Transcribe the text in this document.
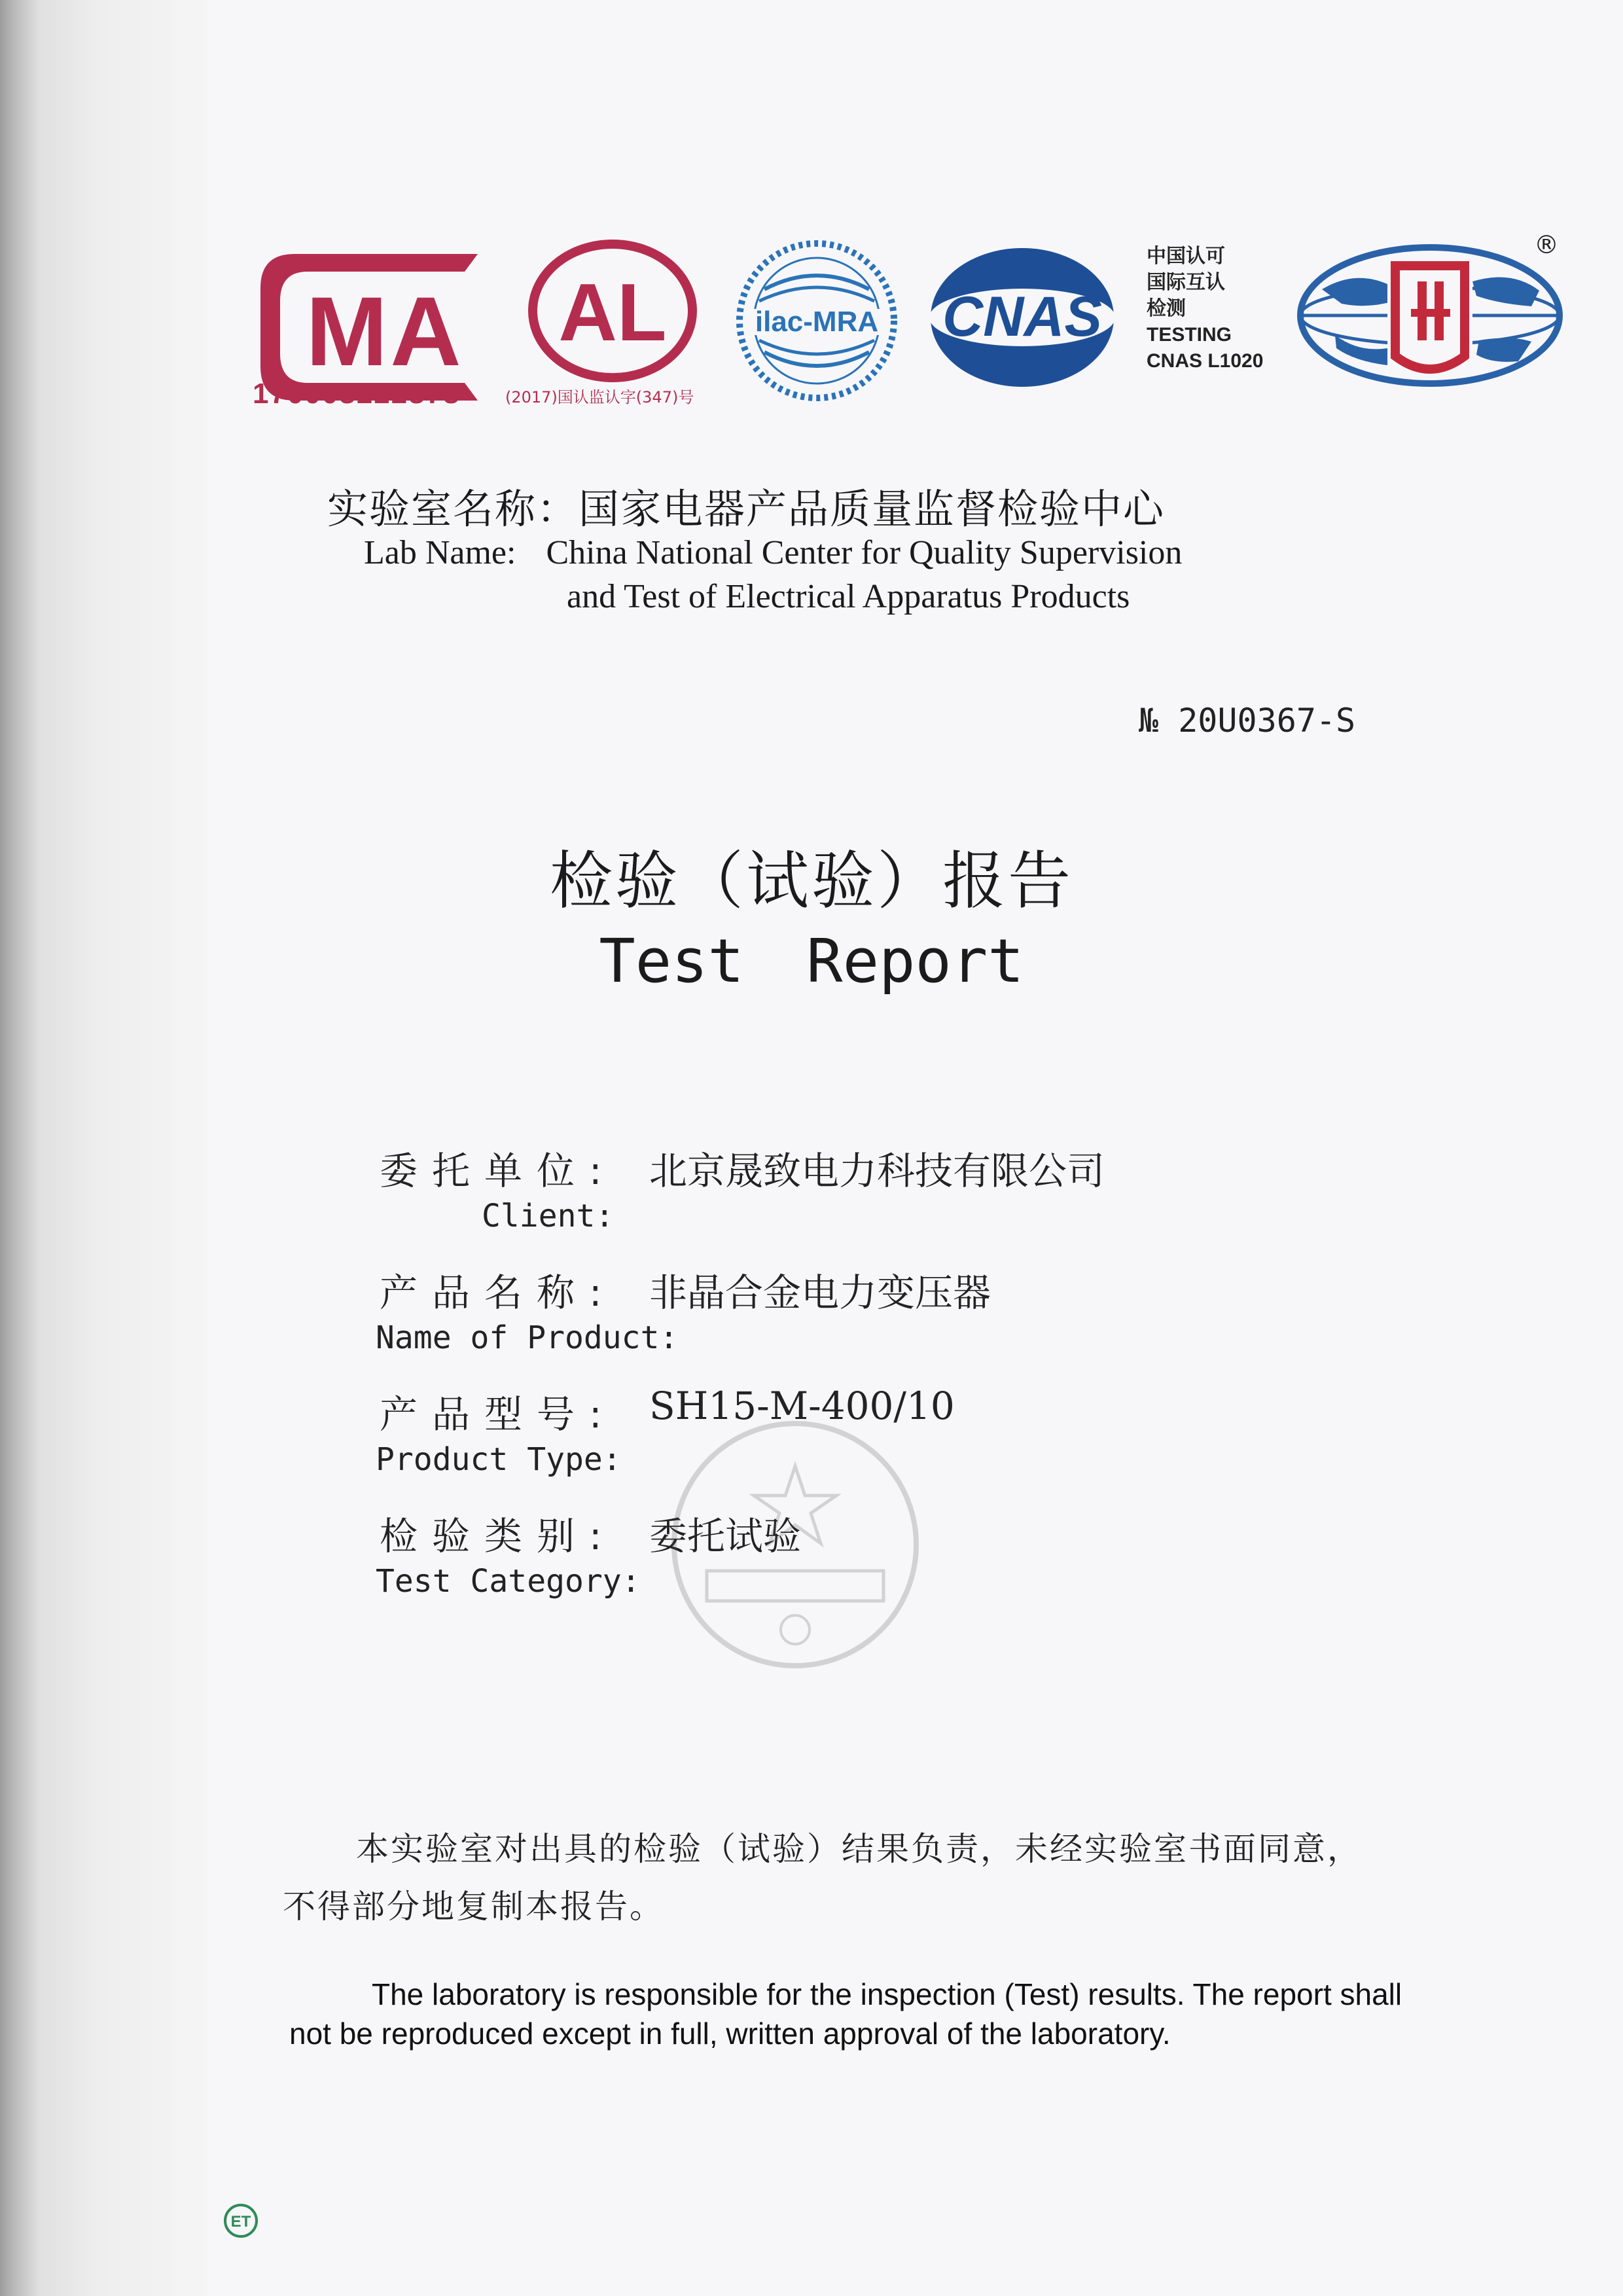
MA
170008222878
AL
(2017)国认监认字(347)号
ilac-MRA CNAS
中国认可
国际互认
检测
TESTING
CNAS L1020
®
实验室名称：国家电器产品质量监督检验中心
Lab Name: China National Center for Quality Supervision
and Test of Electrical Apparatus Products
№ 20U0367-S
检验（试验）报告
Test Report
委托单位: 北京晟致电力科技有限公司
Client:
产品名称: 非晶合金电力变压器
Name of Product:
产品型号: SH15-M-400/10
Product Type:
检验类别: 委托试验
Test Category:
本实验室对出具的检验（试验）结果负责，未经实验室书面同意，
不得部分地复制本报告。
The laboratory is responsible for the inspection (Test) results. The report shall
not be reproduced except in full, written approval of the laboratory.
ET
